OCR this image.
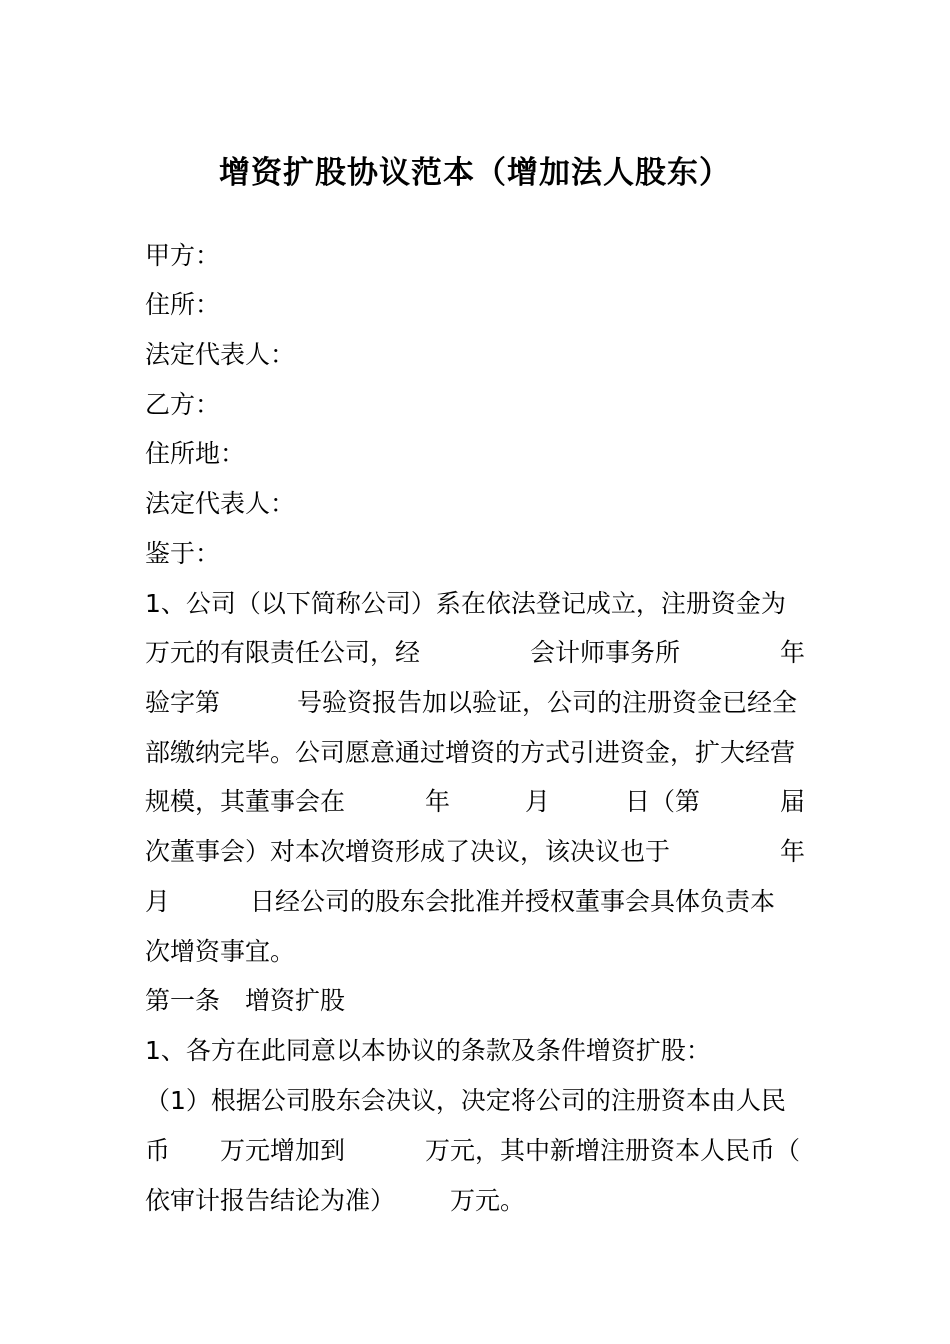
增资扩股协议范本（增加法人股东）
甲方：
住所：
法定代表人：
乙方：
住所地：
法定代表人：
鉴于：
1、公司（以下简称公司）系在依法登记成立，注册资金为
万元的有限责任公司，经	会计师事务所	年
验字第	号验资报告加以验证，公司的注册资金已经全
部缴纳完毕。公司愿意通过增资的方式引进资金，扩大经营
规模，其董事会在	年	月	日（第	届
次董事会）对本次增资形成了决议，该决议也于	年
月	日经公司的股东会批准并授权董事会具体负责本
次增资事宜。
第一条　增资扩股
1、各方在此同意以本协议的条款及条件增资扩股：
（1）根据公司股东会决议，决定将公司的注册资本由人民
币 万元增加到	万元，其中新增注册资本人民币（
依审计报告结论为准） 万元。
